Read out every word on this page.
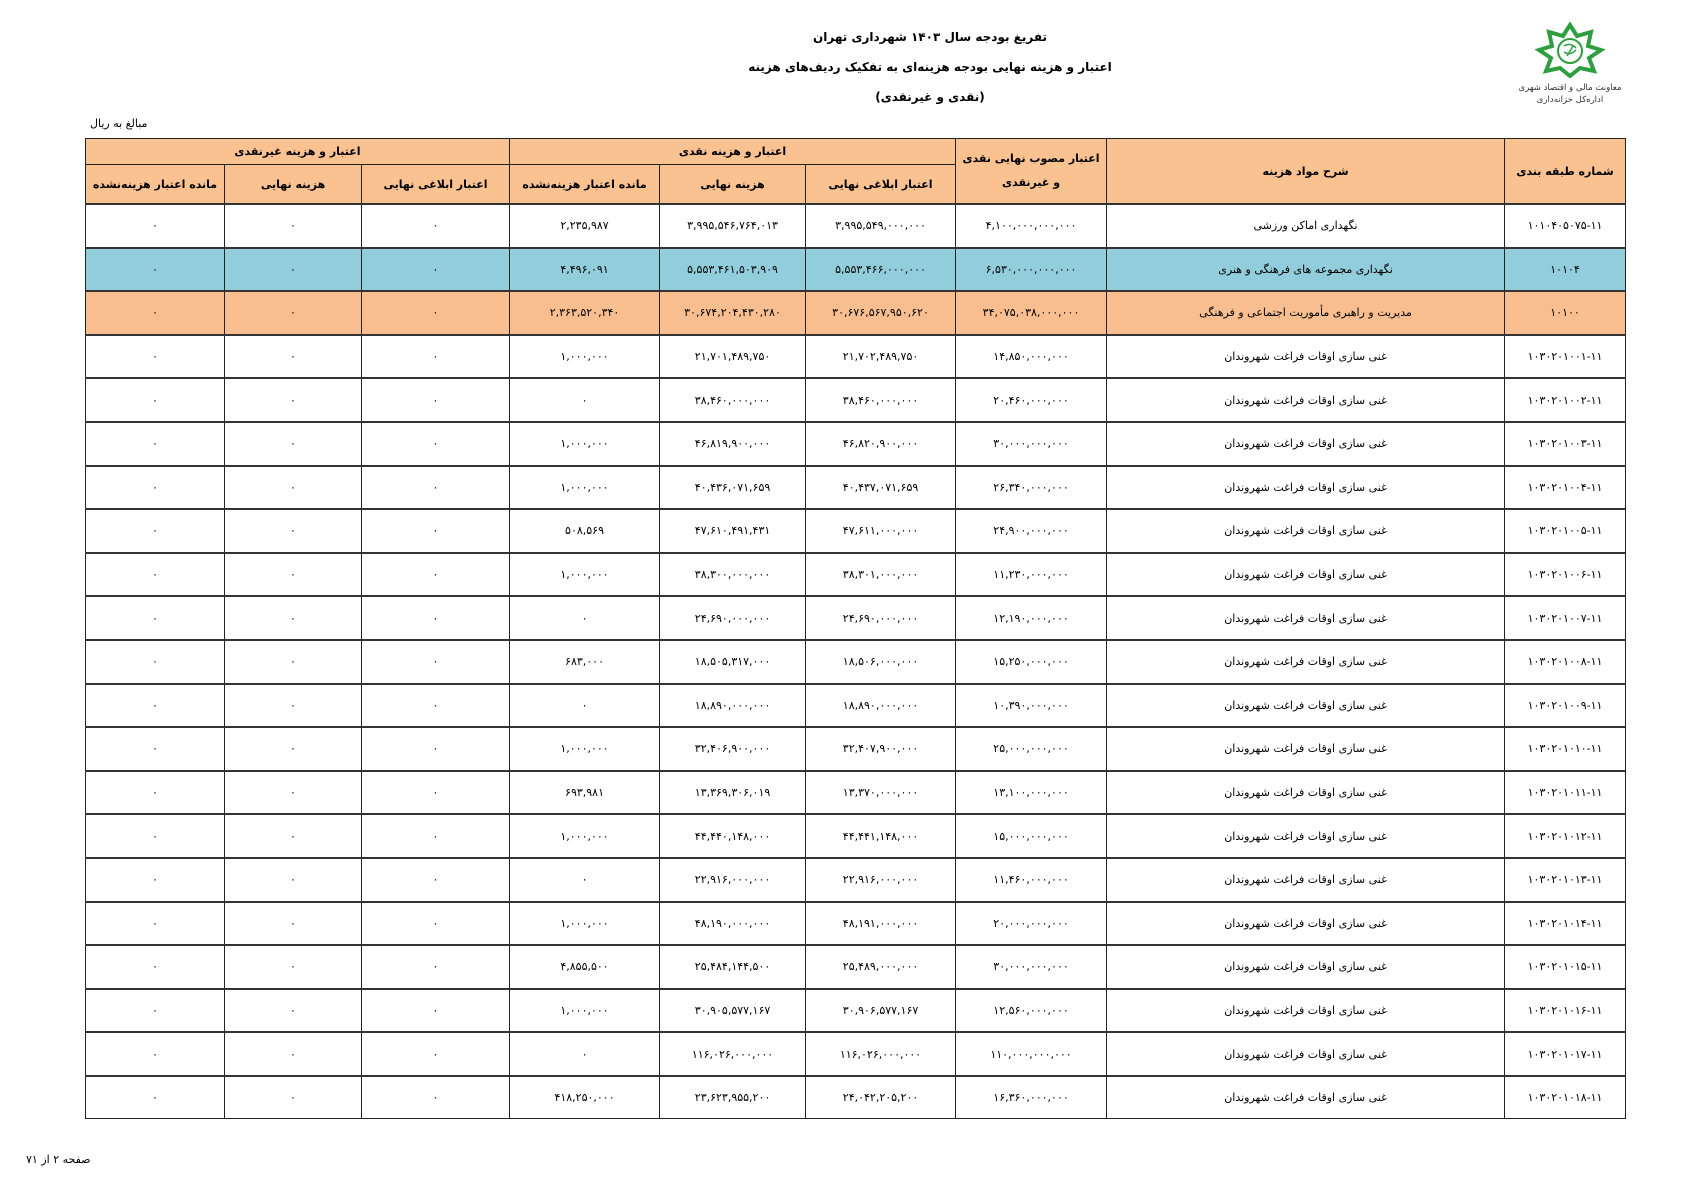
تفریغ بودجه سال ۱۴۰۳ شهرداری تهران
اعتبار و هزینه نهایی بودجه هزینه‌ای به تفکیک ردیف‌های هزینه
(نقدی و غیرنقدی)
معاونت مالی و اقتصاد شهری
اداره‌کل خزانه‌داری
مبالغ به ریال
شماره طبقه بندی	شرح مواد هزینه	اعتبار مصوب نهایی نقدی و غیرنقدی	اعتبار و هزینه نقدی			اعتبار و هزینه غیرنقدی		
			اعتبار ابلاغی نهایی	هزینه نهایی	مانده اعتبار هزینه‌نشده	اعتبار ابلاغی نهایی	هزینه نهایی	مانده اعتبار هزینه‌نشده
۱۰۱۰۴۰۵۰۷۵-۱۱	نگهداری اماکن ورزشی	۴,۱۰۰,۰۰۰,۰۰۰,۰۰۰	۳,۹۹۵,۵۴۹,۰۰۰,۰۰۰	۳,۹۹۵,۵۴۶,۷۶۴,۰۱۳	۲,۲۳۵,۹۸۷	۰	۰	۰
۱۰۱۰۴	نگهداری مجموعه های فرهنگی و هنری	۶,۵۳۰,۰۰۰,۰۰۰,۰۰۰	۵,۵۵۳,۴۶۶,۰۰۰,۰۰۰	۵,۵۵۳,۴۶۱,۵۰۳,۹۰۹	۴,۴۹۶,۰۹۱	۰	۰	۰
۱۰۱۰۰	مدیریت و راهبری مأموریت اجتماعی و فرهنگی	۳۴,۰۷۵,۰۳۸,۰۰۰,۰۰۰	۳۰,۶۷۶,۵۶۷,۹۵۰,۶۲۰	۳۰,۶۷۴,۲۰۴,۴۳۰,۲۸۰	۲,۳۶۳,۵۲۰,۳۴۰	۰	۰	۰
۱۰۳۰۲۰۱۰۰۱-۱۱	غنی سازی اوقات فراغت شهروندان	۱۴,۸۵۰,۰۰۰,۰۰۰	۲۱,۷۰۲,۴۸۹,۷۵۰	۲۱,۷۰۱,۴۸۹,۷۵۰	۱,۰۰۰,۰۰۰	۰	۰	۰
۱۰۳۰۲۰۱۰۰۲-۱۱	غنی سازی اوقات فراغت شهروندان	۲۰,۴۶۰,۰۰۰,۰۰۰	۳۸,۴۶۰,۰۰۰,۰۰۰	۳۸,۴۶۰,۰۰۰,۰۰۰	۰	۰	۰	۰
۱۰۳۰۲۰۱۰۰۳-۱۱	غنی سازی اوقات فراغت شهروندان	۳۰,۰۰۰,۰۰۰,۰۰۰	۴۶,۸۲۰,۹۰۰,۰۰۰	۴۶,۸۱۹,۹۰۰,۰۰۰	۱,۰۰۰,۰۰۰	۰	۰	۰
۱۰۳۰۲۰۱۰۰۴-۱۱	غنی سازی اوقات فراغت شهروندان	۲۶,۳۴۰,۰۰۰,۰۰۰	۴۰,۴۳۷,۰۷۱,۶۵۹	۴۰,۴۳۶,۰۷۱,۶۵۹	۱,۰۰۰,۰۰۰	۰	۰	۰
۱۰۳۰۲۰۱۰۰۵-۱۱	غنی سازی اوقات فراغت شهروندان	۲۴,۹۰۰,۰۰۰,۰۰۰	۴۷,۶۱۱,۰۰۰,۰۰۰	۴۷,۶۱۰,۴۹۱,۴۳۱	۵۰۸,۵۶۹	۰	۰	۰
۱۰۳۰۲۰۱۰۰۶-۱۱	غنی سازی اوقات فراغت شهروندان	۱۱,۲۳۰,۰۰۰,۰۰۰	۳۸,۳۰۱,۰۰۰,۰۰۰	۳۸,۳۰۰,۰۰۰,۰۰۰	۱,۰۰۰,۰۰۰	۰	۰	۰
۱۰۳۰۲۰۱۰۰۷-۱۱	غنی سازی اوقات فراغت شهروندان	۱۲,۱۹۰,۰۰۰,۰۰۰	۲۴,۶۹۰,۰۰۰,۰۰۰	۲۴,۶۹۰,۰۰۰,۰۰۰	۰	۰	۰	۰
۱۰۳۰۲۰۱۰۰۸-۱۱	غنی سازی اوقات فراغت شهروندان	۱۵,۲۵۰,۰۰۰,۰۰۰	۱۸,۵۰۶,۰۰۰,۰۰۰	۱۸,۵۰۵,۳۱۷,۰۰۰	۶۸۳,۰۰۰	۰	۰	۰
۱۰۳۰۲۰۱۰۰۹-۱۱	غنی سازی اوقات فراغت شهروندان	۱۰,۳۹۰,۰۰۰,۰۰۰	۱۸,۸۹۰,۰۰۰,۰۰۰	۱۸,۸۹۰,۰۰۰,۰۰۰	۰	۰	۰	۰
۱۰۳۰۲۰۱۰۱۰-۱۱	غنی سازی اوقات فراغت شهروندان	۲۵,۰۰۰,۰۰۰,۰۰۰	۳۲,۴۰۷,۹۰۰,۰۰۰	۳۲,۴۰۶,۹۰۰,۰۰۰	۱,۰۰۰,۰۰۰	۰	۰	۰
۱۰۳۰۲۰۱۰۱۱-۱۱	غنی سازی اوقات فراغت شهروندان	۱۳,۱۰۰,۰۰۰,۰۰۰	۱۳,۳۷۰,۰۰۰,۰۰۰	۱۳,۳۶۹,۳۰۶,۰۱۹	۶۹۳,۹۸۱	۰	۰	۰
۱۰۳۰۲۰۱۰۱۲-۱۱	غنی سازی اوقات فراغت شهروندان	۱۵,۰۰۰,۰۰۰,۰۰۰	۴۴,۴۴۱,۱۴۸,۰۰۰	۴۴,۴۴۰,۱۴۸,۰۰۰	۱,۰۰۰,۰۰۰	۰	۰	۰
۱۰۳۰۲۰۱۰۱۳-۱۱	غنی سازی اوقات فراغت شهروندان	۱۱,۴۶۰,۰۰۰,۰۰۰	۲۲,۹۱۶,۰۰۰,۰۰۰	۲۲,۹۱۶,۰۰۰,۰۰۰	۰	۰	۰	۰
۱۰۳۰۲۰۱۰۱۴-۱۱	غنی سازی اوقات فراغت شهروندان	۲۰,۰۰۰,۰۰۰,۰۰۰	۴۸,۱۹۱,۰۰۰,۰۰۰	۴۸,۱۹۰,۰۰۰,۰۰۰	۱,۰۰۰,۰۰۰	۰	۰	۰
۱۰۳۰۲۰۱۰۱۵-۱۱	غنی سازی اوقات فراغت شهروندان	۳۰,۰۰۰,۰۰۰,۰۰۰	۲۵,۴۸۹,۰۰۰,۰۰۰	۲۵,۴۸۴,۱۴۴,۵۰۰	۴,۸۵۵,۵۰۰	۰	۰	۰
۱۰۳۰۲۰۱۰۱۶-۱۱	غنی سازی اوقات فراغت شهروندان	۱۲,۵۶۰,۰۰۰,۰۰۰	۳۰,۹۰۶,۵۷۷,۱۶۷	۳۰,۹۰۵,۵۷۷,۱۶۷	۱,۰۰۰,۰۰۰	۰	۰	۰
۱۰۳۰۲۰۱۰۱۷-۱۱	غنی سازی اوقات فراغت شهروندان	۱۱۰,۰۰۰,۰۰۰,۰۰۰	۱۱۶,۰۲۶,۰۰۰,۰۰۰	۱۱۶,۰۲۶,۰۰۰,۰۰۰	۰	۰	۰	۰
۱۰۳۰۲۰۱۰۱۸-۱۱	غنی سازی اوقات فراغت شهروندان	۱۶,۳۶۰,۰۰۰,۰۰۰	۲۴,۰۴۲,۲۰۵,۲۰۰	۲۳,۶۲۳,۹۵۵,۲۰۰	۴۱۸,۲۵۰,۰۰۰	۰	۰	۰
صفحه ۲ از ۷۱
